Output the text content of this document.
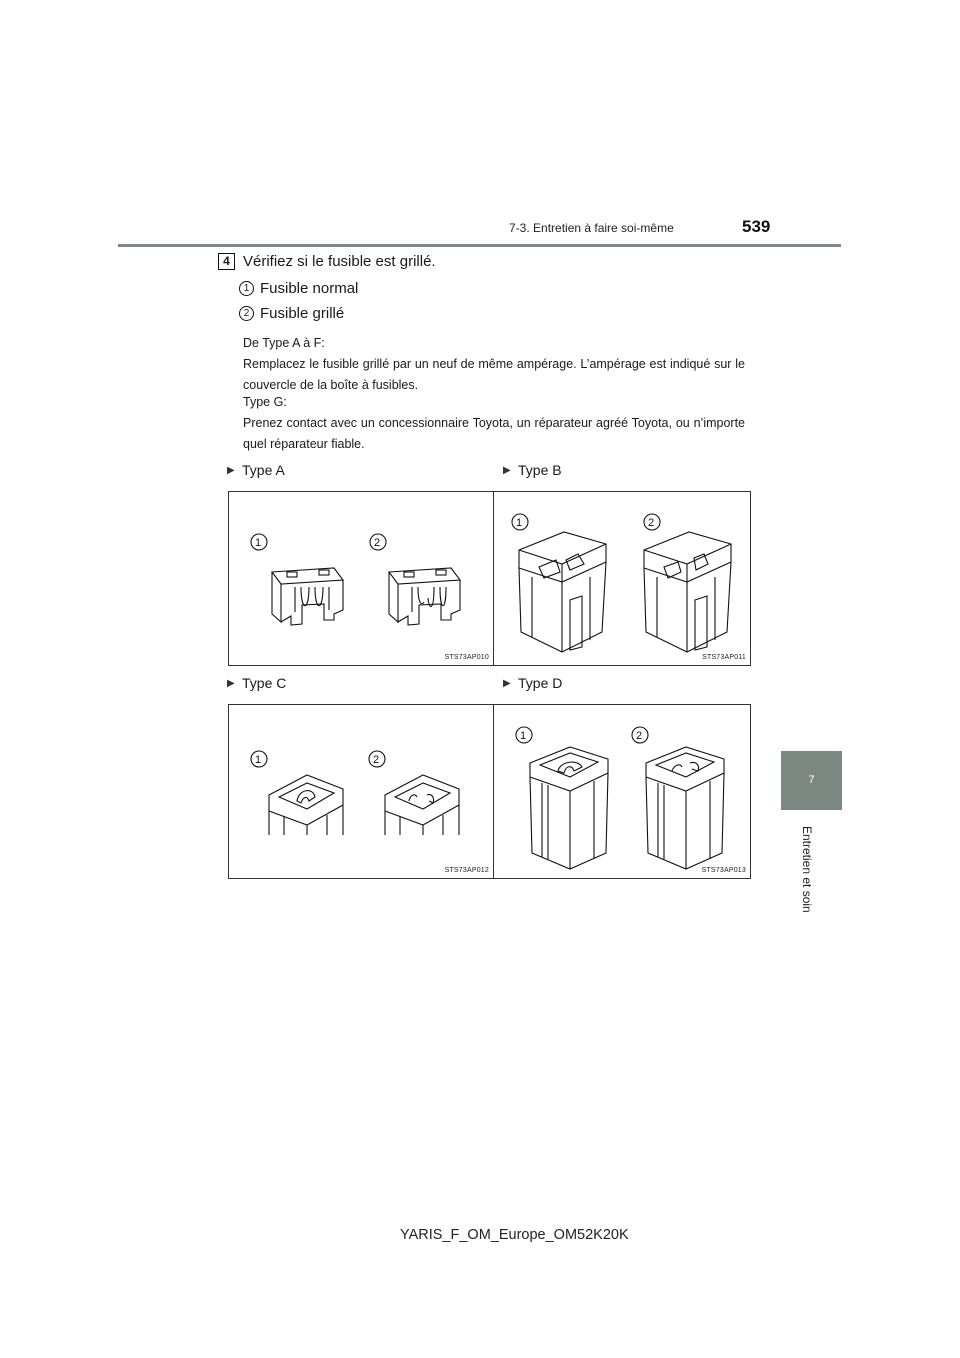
7-3. Entretien à faire soi-même	539
7
Entretien et soin
4 Vérifiez si le fusible est grillé.
1 Fusible normal
2 Fusible grillé
De Type A à F:
Remplacez le fusible grillé par un neuf de même ampérage. L’ampérage est indiqué sur le couvercle de la boîte à fusibles.
Type G:
Prenez contact avec un concessionnaire Toyota, un réparateur agréé Toyota, ou n’importe quel réparateur fiable.
▶ Type A	▶ Type B
▶ Type C	▶ Type D
1	2
STS73AP010
1	2
STS73AP011
1	2
STS73AP012
1	2
STS73AP013
YARIS_F_OM_Europe_OM52K20K
